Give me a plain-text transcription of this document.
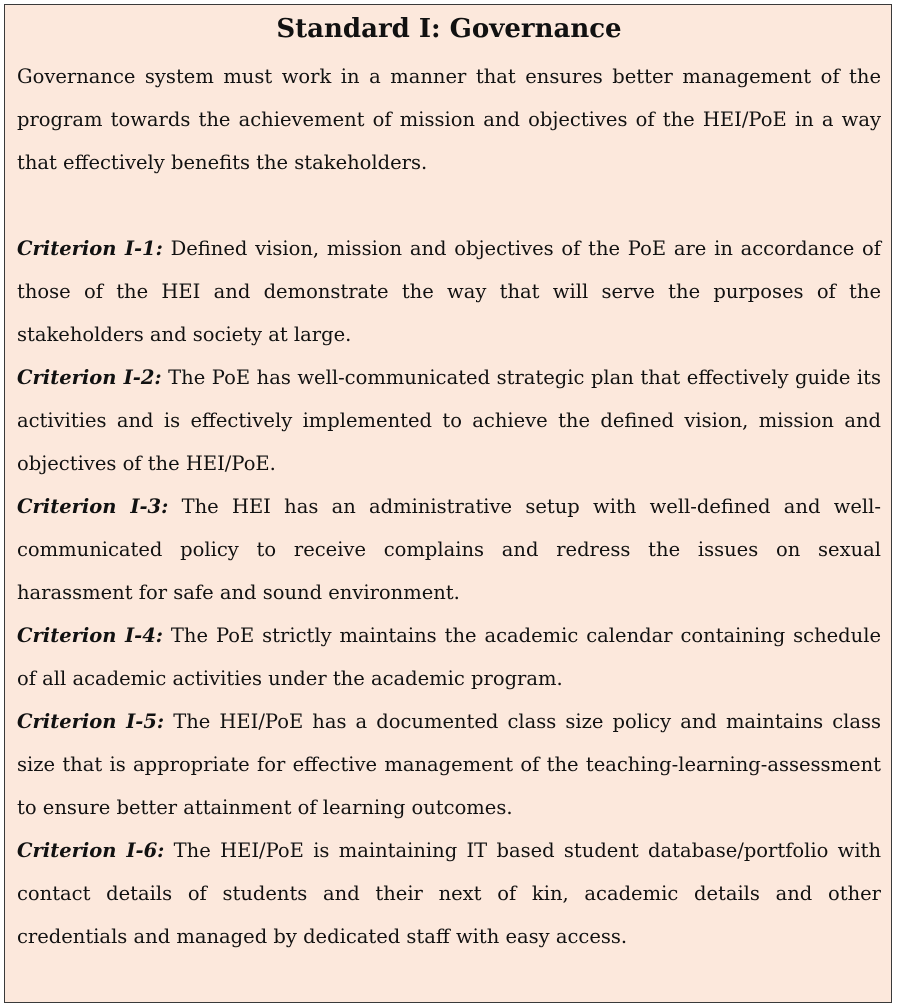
Standard I: Governance

Governance system must work in a manner that ensures better management of the program towards the achievement of mission and objectives of the HEI/PoE in a way that effectively benefits the stakeholders.

Criterion I-1: Defined vision, mission and objectives of the PoE are in accordance of those of the HEI and demonstrate the way that will serve the purposes of the stakeholders and society at large.

Criterion I-2: The PoE has well-communicated strategic plan that effectively guide its activities and is effectively implemented to achieve the defined vision, mission and objectives of the HEI/PoE.

Criterion I-3: The HEI has an administrative setup with well-defined and well-communicated policy to receive complains and redress the issues on sexual harassment for safe and sound environment.

Criterion I-4: The PoE strictly maintains the academic calendar containing schedule of all academic activities under the academic program.

Criterion I-5: The HEI/PoE has a documented class size policy and maintains class size that is appropriate for effective management of the teaching-learning-assessment to ensure better attainment of learning outcomes.

Criterion I-6: The HEI/PoE is maintaining IT based student database/portfolio with contact details of students and their next of kin, academic details and other credentials and managed by dedicated staff with easy access.
